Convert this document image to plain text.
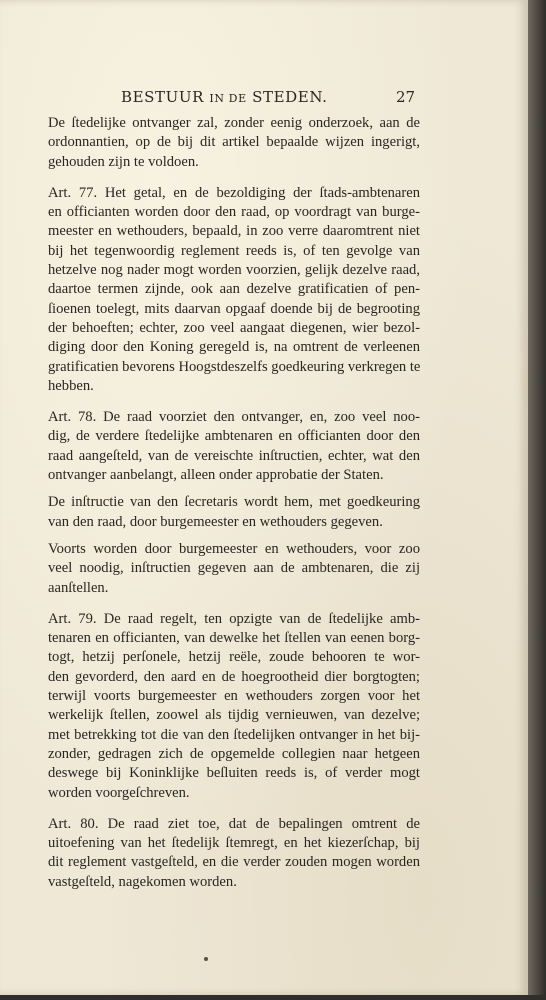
BESTUUR IN DE STEDEN.	27
De ſtedelijke ontvanger zal, zonder eenig onderzoek, aan de
ordonnantien, op de bij dit artikel bepaalde wijzen ingerigt,
gehouden zijn te voldoen.
Art. 77. Het getal, en de bezoldiging der ſtads-ambtenaren
en officianten worden door den raad, op voordragt van burge-
meester en wethouders, bepaald, in zoo verre daaromtrent niet
bij het tegenwoordig reglement reeds is, of ten gevolge van
hetzelve nog nader mogt worden voorzien, gelijk dezelve raad,
daartoe termen zijnde, ook aan dezelve gratificatien of pen-
ſioenen toelegt, mits daarvan opgaaf doende bij de begrooting
der behoeften; echter, zoo veel aangaat diegenen, wier bezol-
diging door den Koning geregeld is, na omtrent de verleenen
gratificatien bevorens Hoogstdeszelfs goedkeuring verkregen te
hebben.
Art. 78. De raad voorziet den ontvanger, en, zoo veel noo-
dig, de verdere ſtedelijke ambtenaren en officianten door den
raad aangeſteld, van de vereischte inſtructien, echter, wat den
ontvanger aanbelangt, alleen onder approbatie der Staten.
De inſtructie van den ſecretaris wordt hem, met goedkeuring
van den raad, door burgemeester en wethouders gegeven.
Voorts worden door burgemeester en wethouders, voor zoo
veel noodig, inſtructien gegeven aan de ambtenaren, die zij
aanſtellen.
Art. 79. De raad regelt, ten opzigte van de ſtedelijke amb-
tenaren en officianten, van dewelke het ſtellen van eenen borg-
togt, hetzij perſonele, hetzij reële, zoude behooren te wor-
den gevorderd, den aard en de hoegrootheid dier borgtogten;
terwijl voorts burgemeester en wethouders zorgen voor het
werkelijk ſtellen, zoowel als tijdig vernieuwen, van dezelve;
met betrekking tot die van den ſtedelijken ontvanger in het bij-
zonder, gedragen zich de opgemelde collegien naar hetgeen
deswege bij Koninklijke beſluiten reeds is, of verder mogt
worden voorgeſchreven.
Art. 80. De raad ziet toe, dat de bepalingen omtrent de
uitoefening van het ſtedelijk ſtemregt, en het kiezerſchap, bij
dit reglement vastgeſteld, en die verder zouden mogen worden
vastgeſteld, nagekomen worden.
